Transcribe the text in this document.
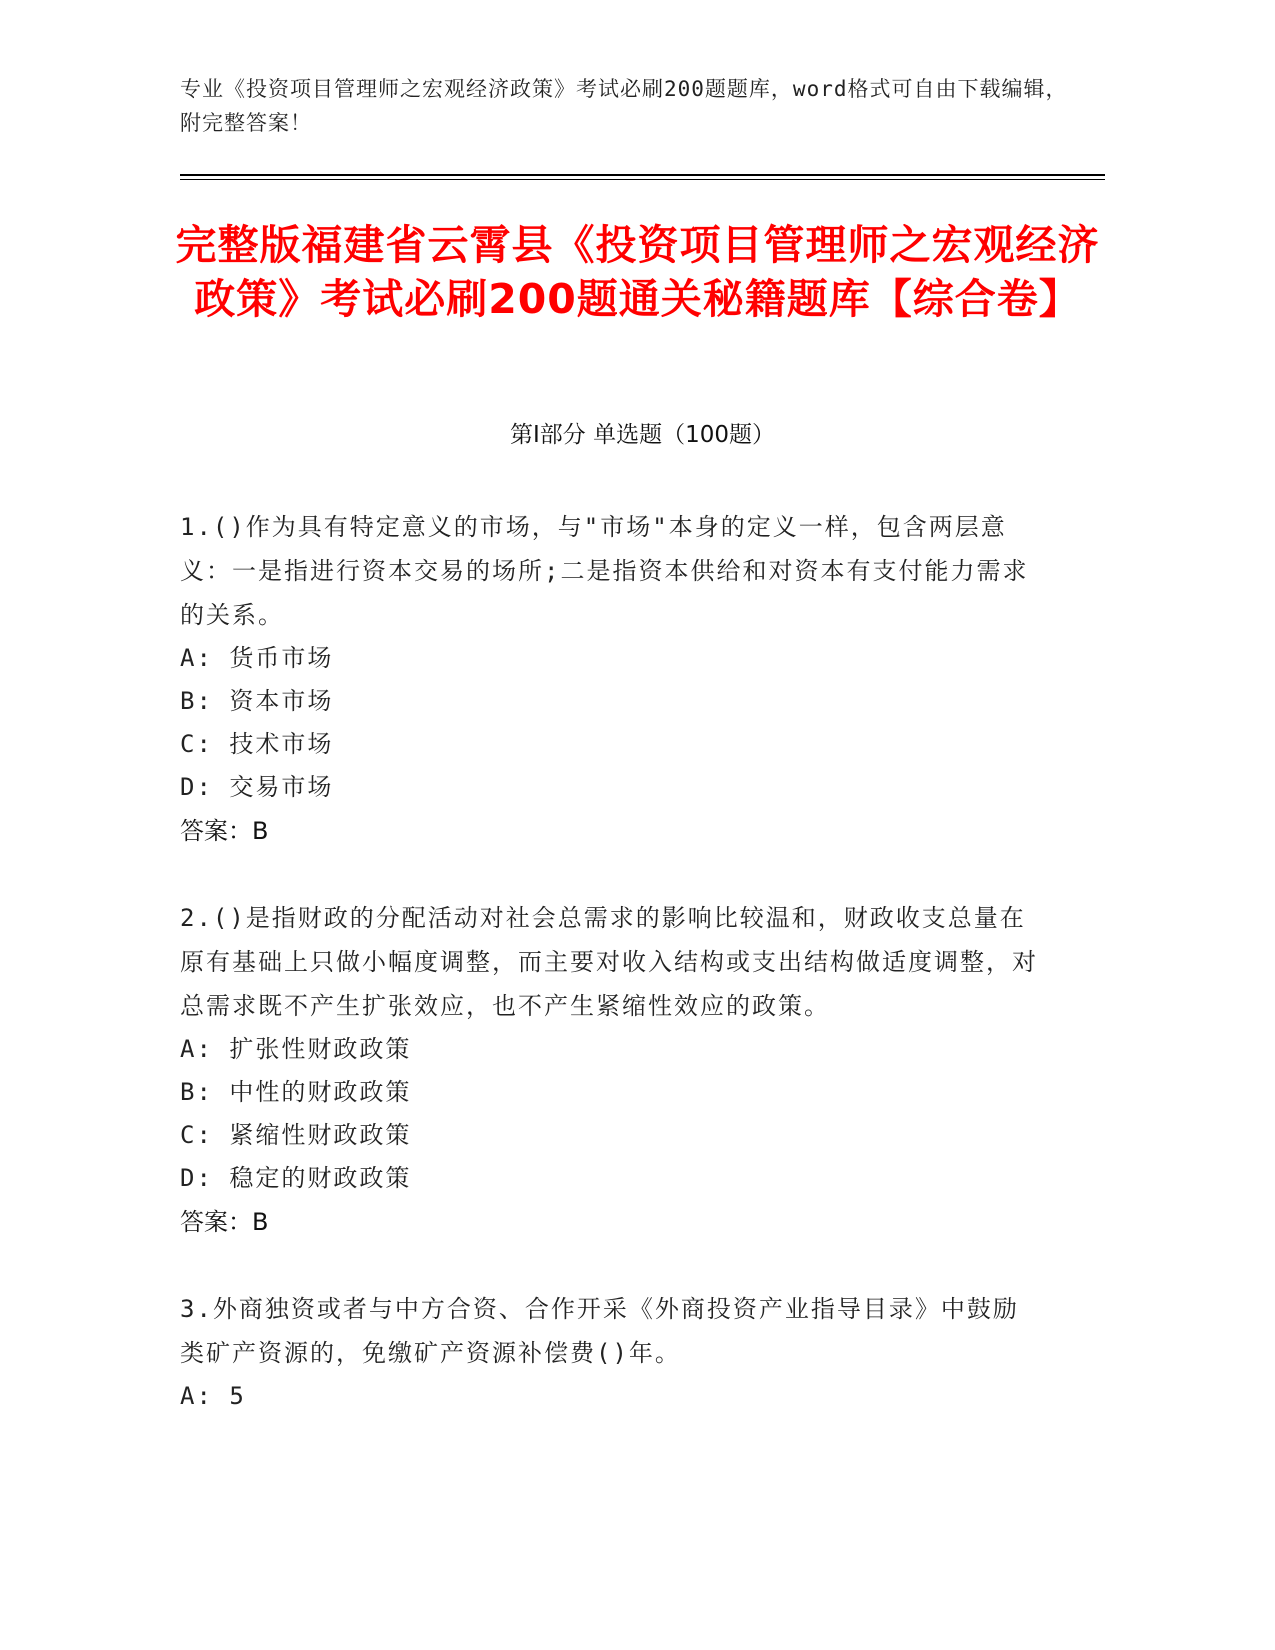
专业《投资项目管理师之宏观经济政策》考试必刷200题题库，word格式可自由下载编辑，附完整答案！
完整版福建省云霄县《投资项目管理师之宏观经济政策》考试必刷200题通关秘籍题库【综合卷】
第Ⅰ部分 单选题（100题）
1.()作为具有特定意义的市场，与"市场"本身的定义一样，包含两层意义：一是指进行资本交易的场所;二是指资本供给和对资本有支付能力需求的关系。
A: 货币市场
B: 资本市场
C: 技术市场
D: 交易市场
答案：B
2.()是指财政的分配活动对社会总需求的影响比较温和，财政收支总量在原有基础上只做小幅度调整，而主要对收入结构或支出结构做适度调整，对总需求既不产生扩张效应，也不产生紧缩性效应的政策。
A: 扩张性财政政策
B: 中性的财政政策
C: 紧缩性财政政策
D: 稳定的财政政策
答案：B
3.外商独资或者与中方合资、合作开采《外商投资产业指导目录》中鼓励类矿产资源的，免缴矿产资源补偿费()年。
A: 5
